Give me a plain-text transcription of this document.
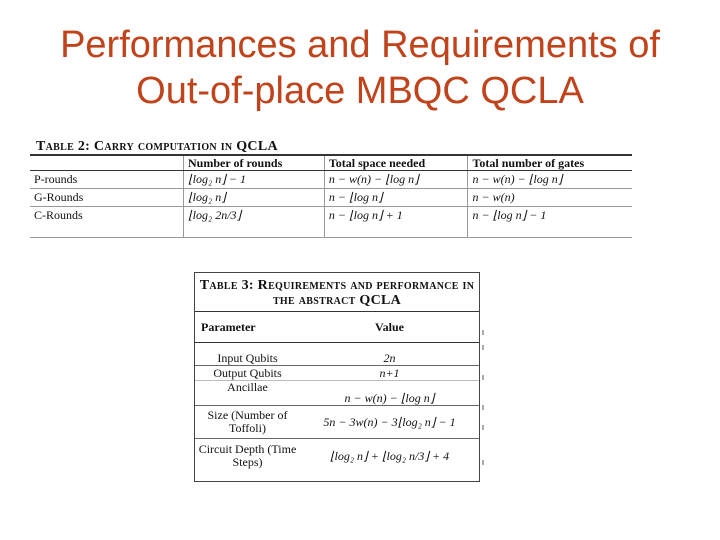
Performances and Requirements of
Out-of-place MBQC QCLA
Table 2: Carry computation in QCLA
	Number of rounds	Total space needed	Total number of gates
P-rounds	⌊log₂ n⌋ − 1	n − w(n) − ⌊log n⌋	n − w(n) − ⌊log n⌋
G-Rounds	⌊log₂ n⌋	n − ⌊log n⌋	n − w(n)
C-Rounds	⌊log₂ 2n/3⌋	n − ⌊log n⌋ + 1	n − ⌊log n⌋ − 1
Table 3: Requirements and performance in the abstract QCLA
Parameter	Value
Input Qubits	2n
Output Qubits	n+1
Ancillae	n − w(n) − ⌊log n⌋
Size (Number of Toffoli)	5n − 3w(n) − 3⌊log₂ n⌋ − 1
Circuit Depth (Time Steps)	⌊log₂ n⌋ + ⌊log₂ n/3⌋ + 4
